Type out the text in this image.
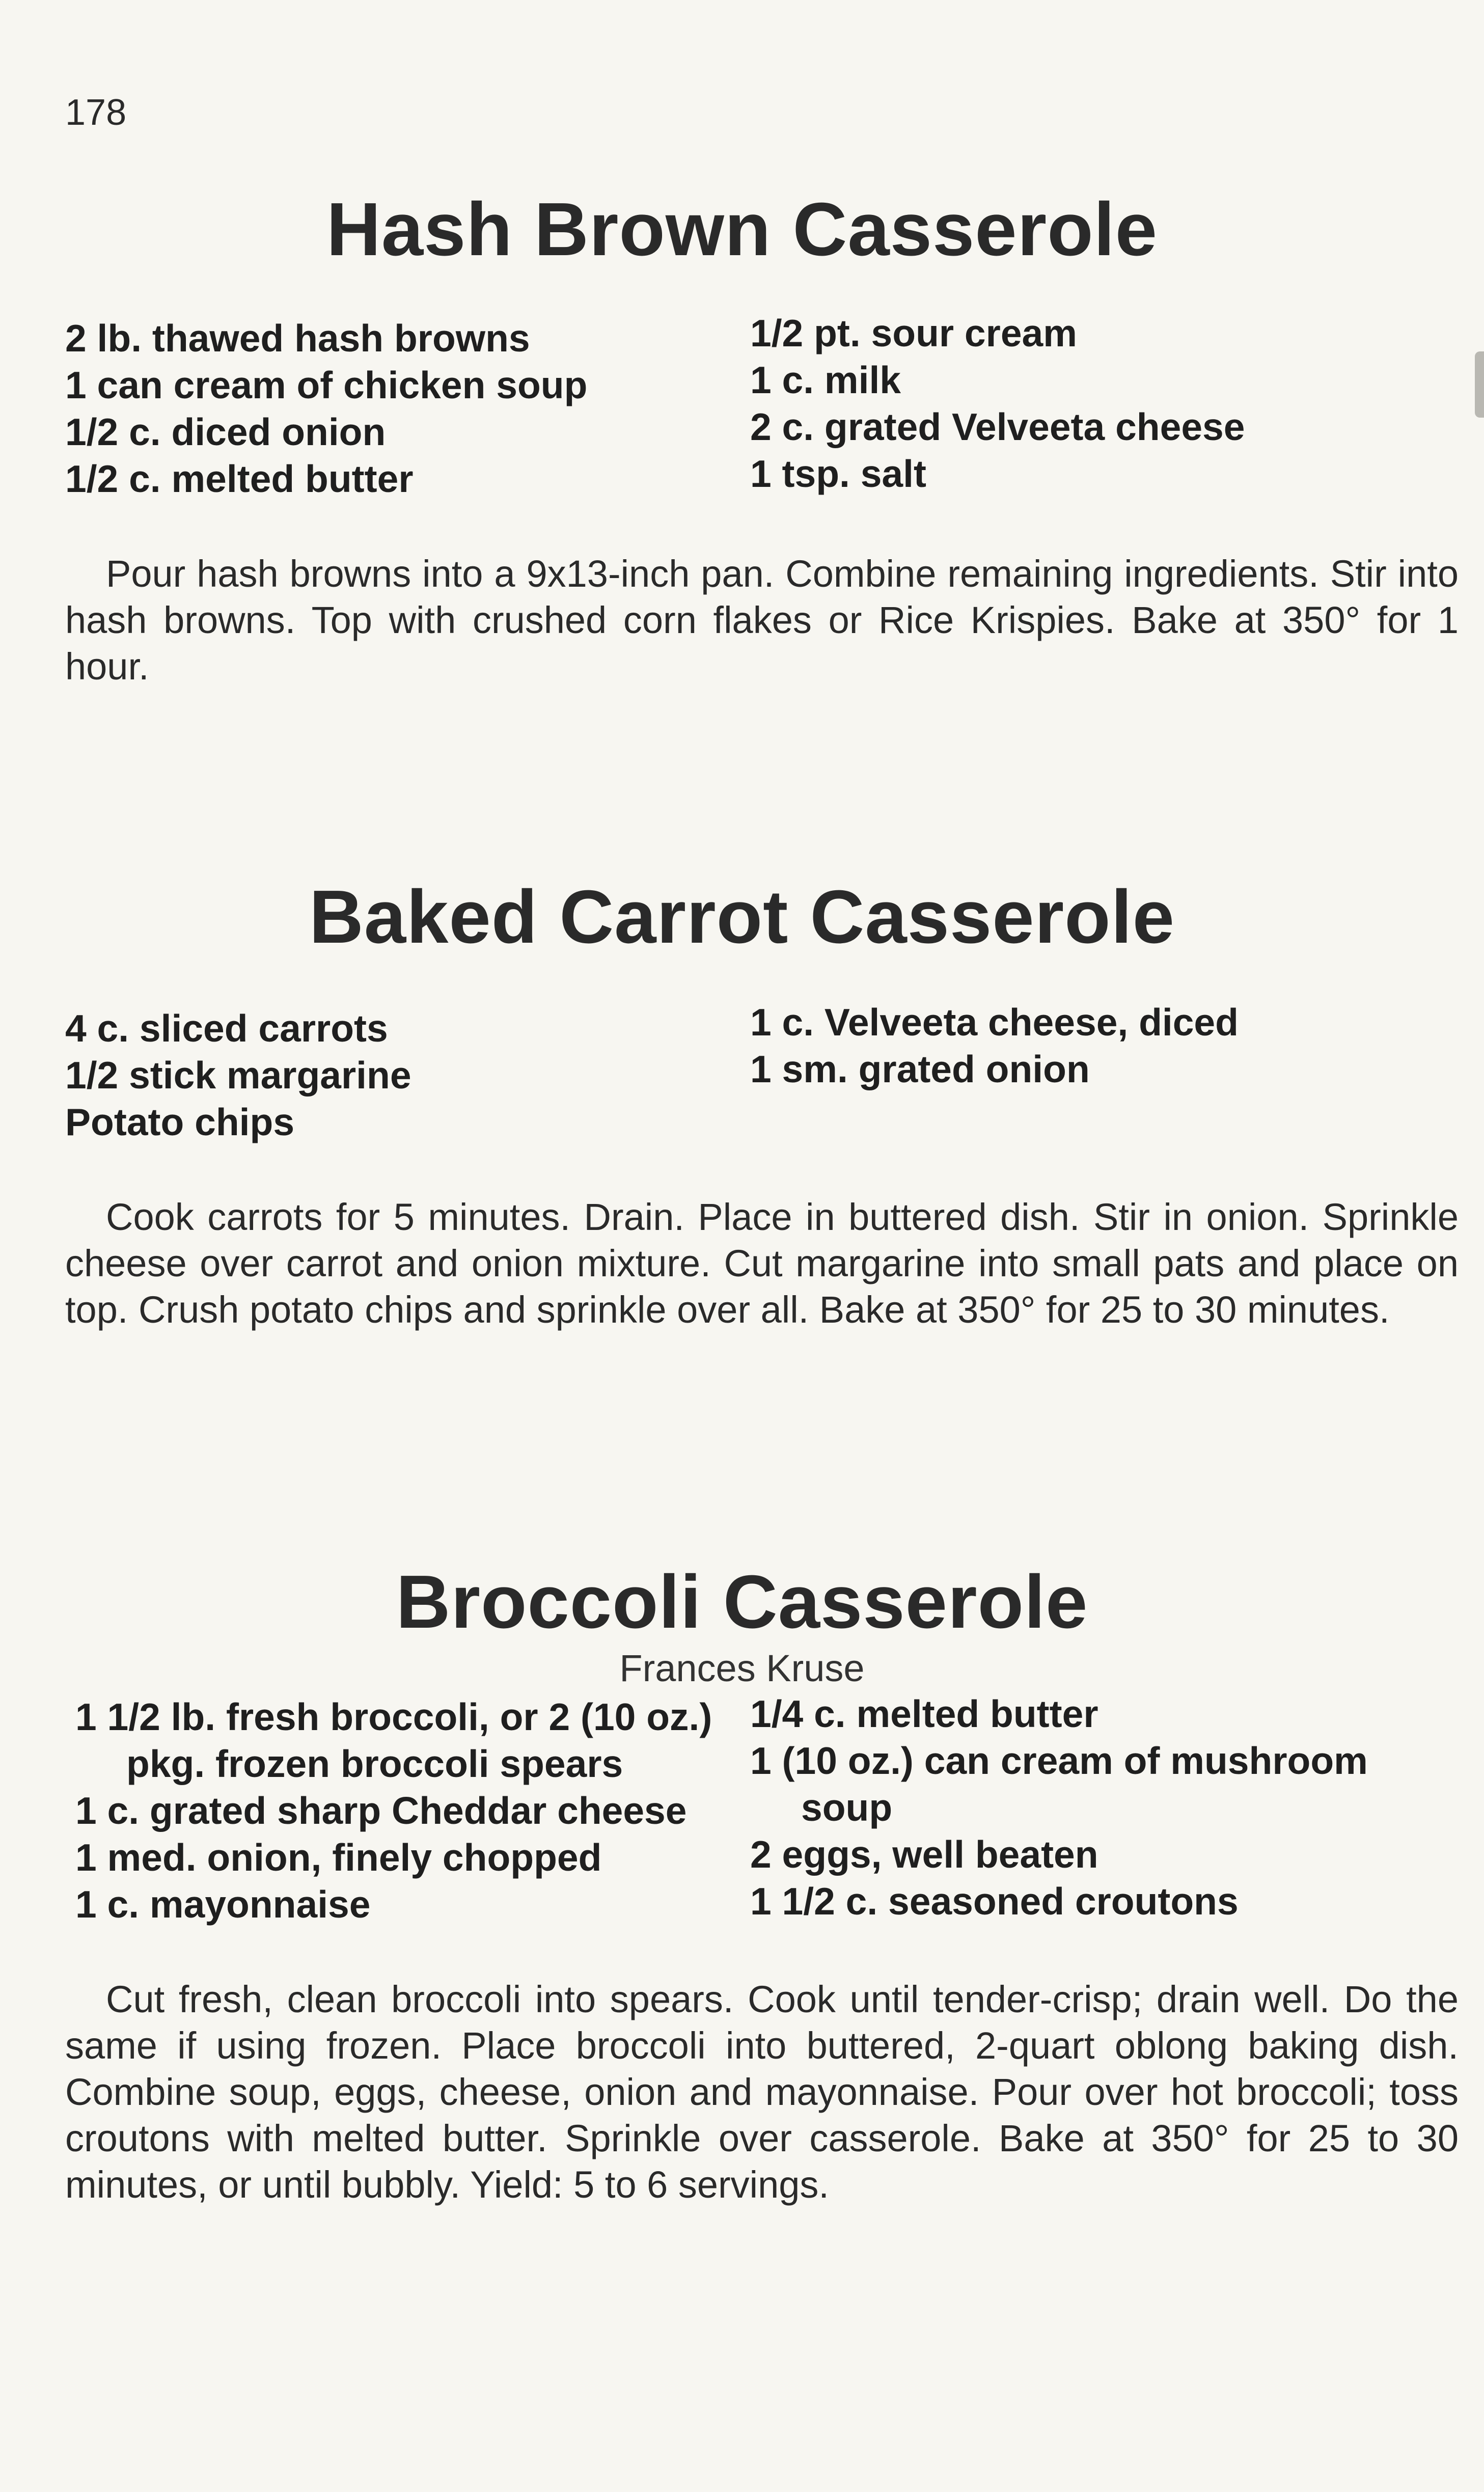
178
Hash Brown Casserole
2 lb. thawed hash browns
1 can cream of chicken soup
1/2 c. diced onion
1/2 c. melted butter
1/2 pt. sour cream
1 c. milk
2 c. grated Velveeta cheese
1 tsp. salt

Pour hash browns into a 9x13-inch pan. Combine remaining ingredients. Stir into hash browns. Top with crushed corn flakes or Rice Krispies. Bake at 350° for 1 hour.

Baked Carrot Casserole
4 c. sliced carrots
1/2 stick margarine
Potato chips
1 c. Velveeta cheese, diced
1 sm. grated onion

Cook carrots for 5 minutes. Drain. Place in buttered dish. Stir in onion. Sprinkle cheese over carrot and onion mixture. Cut margarine into small pats and place on top. Crush potato chips and sprinkle over all. Bake at 350° for 25 to 30 minutes.

Broccoli Casserole
Frances Kruse
1 1/2 lb. fresh broccoli, or 2 (10 oz.) pkg. frozen broccoli spears
1 c. grated sharp Cheddar cheese
1 med. onion, finely chopped
1 c. mayonnaise
1/4 c. melted butter
1 (10 oz.) can cream of mushroom soup
2 eggs, well beaten
1 1/2 c. seasoned croutons

Cut fresh, clean broccoli into spears. Cook until tender-crisp; drain well. Do the same if using frozen. Place broccoli into buttered, 2-quart oblong baking dish. Combine soup, eggs, cheese, onion and mayonnaise. Pour over hot broccoli; toss croutons with melted butter. Sprinkle over casserole. Bake at 350° for 25 to 30 minutes, or until bubbly. Yield: 5 to 6 servings.
